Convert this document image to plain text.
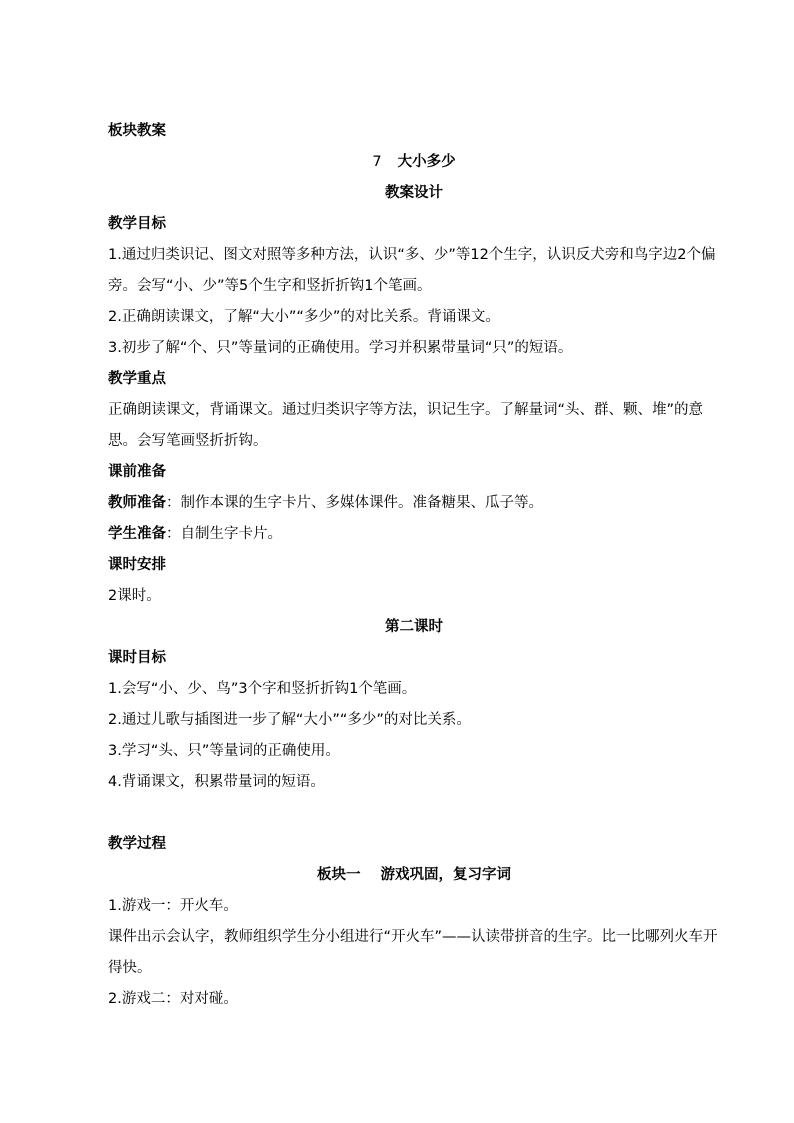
板块教案
7 大小多少
教案设计
教学目标
1.通过归类识记、图文对照等多种方法，认识“多、少”等12个生字，认识反犬旁和鸟字边2个偏旁。会写“小、少”等5个生字和竖折折钩1个笔画。
2.正确朗读课文，了解“大小”“多少”的对比关系。背诵课文。
3.初步了解“个、只”等量词的正确使用。学习并积累带量词“只”的短语。
教学重点
正确朗读课文，背诵课文。通过归类识字等方法，识记生字。了解量词“头、群、颗、堆”的意思。会写笔画竖折折钩。
课前准备
教师准备：制作本课的生字卡片、多媒体课件。准备糖果、瓜子等。
学生准备：自制生字卡片。
课时安排
2课时。
第二课时
课时目标
1.会写“小、少、鸟”3个字和竖折折钩1个笔画。
2.通过儿歌与插图进一步了解“大小”“多少”的对比关系。
3.学习“头、只”等量词的正确使用。
4.背诵课文，积累带量词的短语。
教学过程
板块一 游戏巩固，复习字词
1.游戏一：开火车。
课件出示会认字，教师组织学生分小组进行“开火车”——认读带拼音的生字。比一比哪列火车开得快。
2.游戏二：对对碰。
